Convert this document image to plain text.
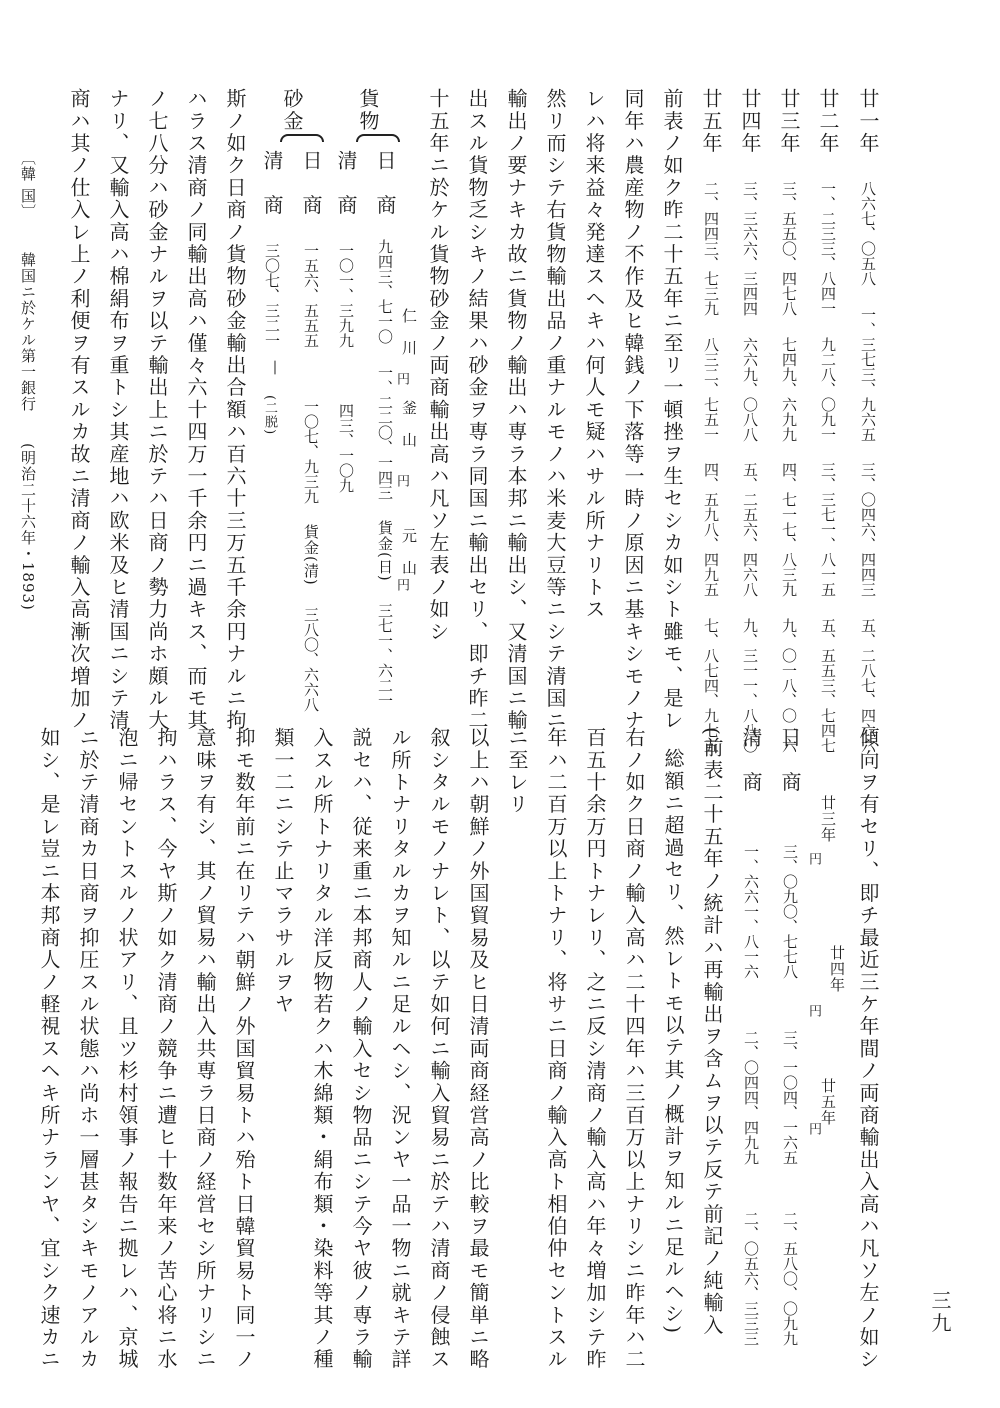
廿一年 八六七、〇五八 一、三七三、九六五 三、〇四六、四四三 五、二八七、四六六
廿二年 一、二三三、八四一 九二八、〇九一 三、三七一、八一五 五、五五三、七四七
廿三年 三、五五〇、四七八 七四九、六九九 四、七一七、八三九 九、〇一八、〇一六
廿四年 三、三六六、三四四 六六九、〇八八 五、二五六、四六八 九、三一一、八八〇
廿五年 二、四四三、七三九 八三二、七五一 四、五九八、四九五 七、八七四、九七五

前表ノ如ク昨二十五年ニ至リ一頓挫ヲ生セシカ如シト雖モ、是レ

同年ハ農産物ノ不作及ヒ韓銭ノ下落等一時ノ原因ニ基キシモノナ

レハ将来益々発達スヘキハ何人モ疑ハサル所ナリトス

然リ而シテ右貨物輸出品ノ重ナルモノハ米麦大豆等ニシテ清国ニ

輸出ノ要ナキカ故ニ貨物ノ輸出ハ専ラ本邦ニ輸出シ、又清国ニ輸

出スル貨物乏シキノ結果ハ砂金ヲ専ラ同国ニ輸出セリ、即チ昨二

十五年ニ於ケル貨物砂金ノ両商輸出高ハ凡ソ左表ノ如シ

仁　川
釜　山
元　山
円
円
円
貨物
日　商 九四三、七一〇 一、二二〇、一四三 貨金(日) 三七一、六二一
清　商 一〇一、三九九 四三、一〇九
(二脱)
砂金
日　商 一五六、五五五 一〇七、九三九 貨金(清) 三八〇、六六八
清　商 三〇七、三二一
—

斯ノ如ク日商ノ貨物砂金輸出合額ハ百六十三万五千余円ナルニ拘

ハラス清商ノ同輸出高ハ僅々六十四万一千余円ニ過キス、而モ其

ノ七八分ハ砂金ナルヲ以テ輸出上ニ於テハ日商ノ勢力尚ホ頗ル大

ナリ、又輸入高ハ棉絹布ヲ重トシ其産地ハ欧米及ヒ清国ニシテ清

商ハ其ノ仕入レ上ノ利便ヲ有スルカ故ニ清商ノ輸入高漸次増加ノ

〔韓 国〕 韓国ニ於ケル第一銀行 (明治二十六年・1893)

傾向ヲ有セリ、即チ最近三ケ年間ノ両商輸出入高ハ凡ソ左ノ如シ

廿三年
廿四年
廿五年
円
円
円
日　商 三、〇九〇、七七八 三、一〇四、一六五 二、五八〇、〇九九
清　商 一、六六一、八一六 二、〇四四、四九九 二、〇五六、三三三

(前表二十五年ノ統計ハ再輸出ヲ含ムヲ以テ反テ前記ノ純輸入

総額ニ超過セリ、然レトモ以テ其ノ概計ヲ知ルニ足ルヘシ)

右ノ如ク日商ノ輸入高ハ二十四年ハ三百万以上ナリシニ昨年ハ二

百五十余万円トナレリ、之ニ反シ清商ノ輸入高ハ年々増加シテ昨

年ハ二百万以上トナリ、将サニ日商ノ輸入高ト相伯仲セントスル

ニ至レリ

以上ハ朝鮮ノ外国貿易及ヒ日清両商経営高ノ比較ヲ最モ簡単ニ略

叙シタルモノナレト、以テ如何ニ輸入貿易ニ於テハ清商ノ侵蝕ス

ル所トナリタルカヲ知ルニ足ルヘシ、況ンヤ一品一物ニ就キテ詳

説セハ、従来重ニ本邦商人ノ輸入セシ物品ニシテ今ヤ彼ノ専ラ輸

入スル所トナリタル洋反物若クハ木綿類・絹布類・染料等其ノ種

類一二ニシテ止マラサルヲヤ

抑モ数年前ニ在リテハ朝鮮ノ外国貿易トハ殆ト日韓貿易ト同一ノ

意味ヲ有シ、其ノ貿易ハ輸出入共専ラ日商ノ経営セシ所ナリシニ

拘ハラス、今ヤ斯ノ如ク清商ノ競争ニ遭ヒ十数年来ノ苦心将ニ水

泡ニ帰セントスルノ状アリ、且ツ杉村領事ノ報告ニ拠レハ、京城

ニ於テ清商カ日商ヲ抑圧スル状態ハ尚ホ一層甚タシキモノアルカ

如シ、是レ豈ニ本邦商人ノ軽視スヘキ所ナランヤ、宜シク速カニ	三九
